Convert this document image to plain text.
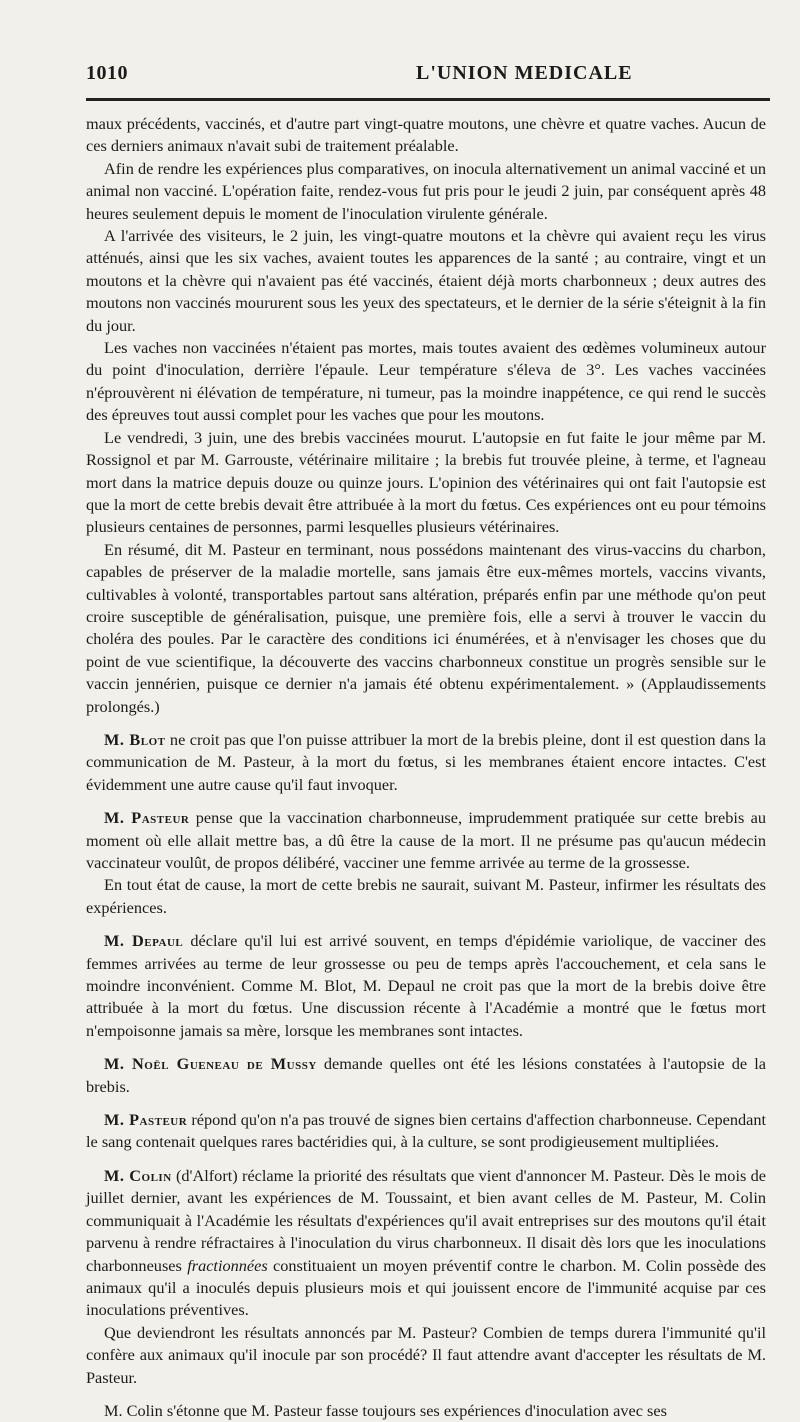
1010	L'UNION MEDICALE

maux précédents, vaccinés, et d'autre part vingt-quatre moutons, une chèvre et quatre vaches. Aucun de ces derniers animaux n'avait subi de traitement préalable.

Afin de rendre les expériences plus comparatives, on inocula alternativement un animal vacciné et un animal non vacciné. L'opération faite, rendez-vous fut pris pour le jeudi 2 juin, par conséquent après 48 heures seulement depuis le moment de l'inoculation virulente générale.

A l'arrivée des visiteurs, le 2 juin, les vingt-quatre moutons et la chèvre qui avaient reçu les virus atténués, ainsi que les six vaches, avaient toutes les apparences de la santé ; au contraire, vingt et un moutons et la chèvre qui n'avaient pas été vaccinés, étaient déjà morts charbonneux ; deux autres des moutons non vaccinés moururent sous les yeux des spectateurs, et le dernier de la série s'éteignit à la fin du jour.

Les vaches non vaccinées n'étaient pas mortes, mais toutes avaient des œdèmes volumineux autour du point d'inoculation, derrière l'épaule. Leur température s'éleva de 3°. Les vaches vaccinées n'éprouvèrent ni élévation de température, ni tumeur, pas la moindre inappétence, ce qui rend le succès des épreuves tout aussi complet pour les vaches que pour les moutons.

Le vendredi, 3 juin, une des brebis vaccinées mourut. L'autopsie en fut faite le jour même par M. Rossignol et par M. Garrouste, vétérinaire militaire ; la brebis fut trouvée pleine, à terme, et l'agneau mort dans la matrice depuis douze ou quinze jours. L'opinion des vétérinaires qui ont fait l'autopsie est que la mort de cette brebis devait être attribuée à la mort du fœtus. Ces expériences ont eu pour témoins plusieurs centaines de personnes, parmi lesquelles plusieurs vétérinaires.

En résumé, dit M. Pasteur en terminant, nous possédons maintenant des virus-vaccins du charbon, capables de préserver de la maladie mortelle, sans jamais être eux-mêmes mortels, vaccins vivants, cultivables à volonté, transportables partout sans altération, préparés enfin par une méthode qu'on peut croire susceptible de généralisation, puisque, une première fois, elle a servi à trouver le vaccin du choléra des poules. Par le caractère des conditions ici énumérées, et à n'envisager les choses que du point de vue scientifique, la découverte des vaccins charbonneux constitue un progrès sensible sur le vaccin jennérien, puisque ce dernier n'a jamais été obtenu expérimentalement. » (Applaudissements prolongés.)

M. Blot ne croit pas que l'on puisse attribuer la mort de la brebis pleine, dont il est question dans la communication de M. Pasteur, à la mort du fœtus, si les membranes étaient encore intactes. C'est évidemment une autre cause qu'il faut invoquer.

M. Pasteur pense que la vaccination charbonneuse, imprudemment pratiquée sur cette brebis au moment où elle allait mettre bas, a dû être la cause de la mort. Il ne présume pas qu'aucun médecin vaccinateur voulût, de propos délibéré, vacciner une femme arrivée au terme de la grossesse.

En tout état de cause, la mort de cette brebis ne saurait, suivant M. Pasteur, infirmer les résultats des expériences.

M. Depaul déclare qu'il lui est arrivé souvent, en temps d'épidémie variolique, de vacciner des femmes arrivées au terme de leur grossesse ou peu de temps après l'accouchement, et cela sans le moindre inconvénient. Comme M. Blot, M. Depaul ne croit pas que la mort de la brebis doive être attribuée à la mort du fœtus. Une discussion récente à l'Académie a montré que le fœtus mort n'empoisonne jamais sa mère, lorsque les membranes sont intactes.

M. Noël Gueneau de Mussy demande quelles ont été les lésions constatées à l'autopsie de la brebis.

M. Pasteur répond qu'on n'a pas trouvé de signes bien certains d'affection charbonneuse. Cependant le sang contenait quelques rares bactéridies qui, à la culture, se sont prodigieusement multipliées.

M. Colin (d'Alfort) réclame la priorité des résultats que vient d'annoncer M. Pasteur. Dès le mois de juillet dernier, avant les expériences de M. Toussaint, et bien avant celles de M. Pasteur, M. Colin communiquait à l'Académie les résultats d'expériences qu'il avait entreprises sur des moutons qu'il était parvenu à rendre réfractaires à l'inoculation du virus charbonneux. Il disait dès lors que les inoculations charbonneuses fractionnées constituaient un moyen préventif contre le charbon. M. Colin possède des animaux qu'il a inoculés depuis plusieurs mois et qui jouissent encore de l'immunité acquise par ces inoculations préventives.

Que deviendront les résultats annoncés par M. Pasteur? Combien de temps durera l'immunité qu'il confère aux animaux qu'il inocule par son procédé? Il faut attendre avant d'accepter les résultats de M. Pasteur.

M. Colin s'étonne que M. Pasteur fasse toujours ses expériences d'inoculation avec ses
